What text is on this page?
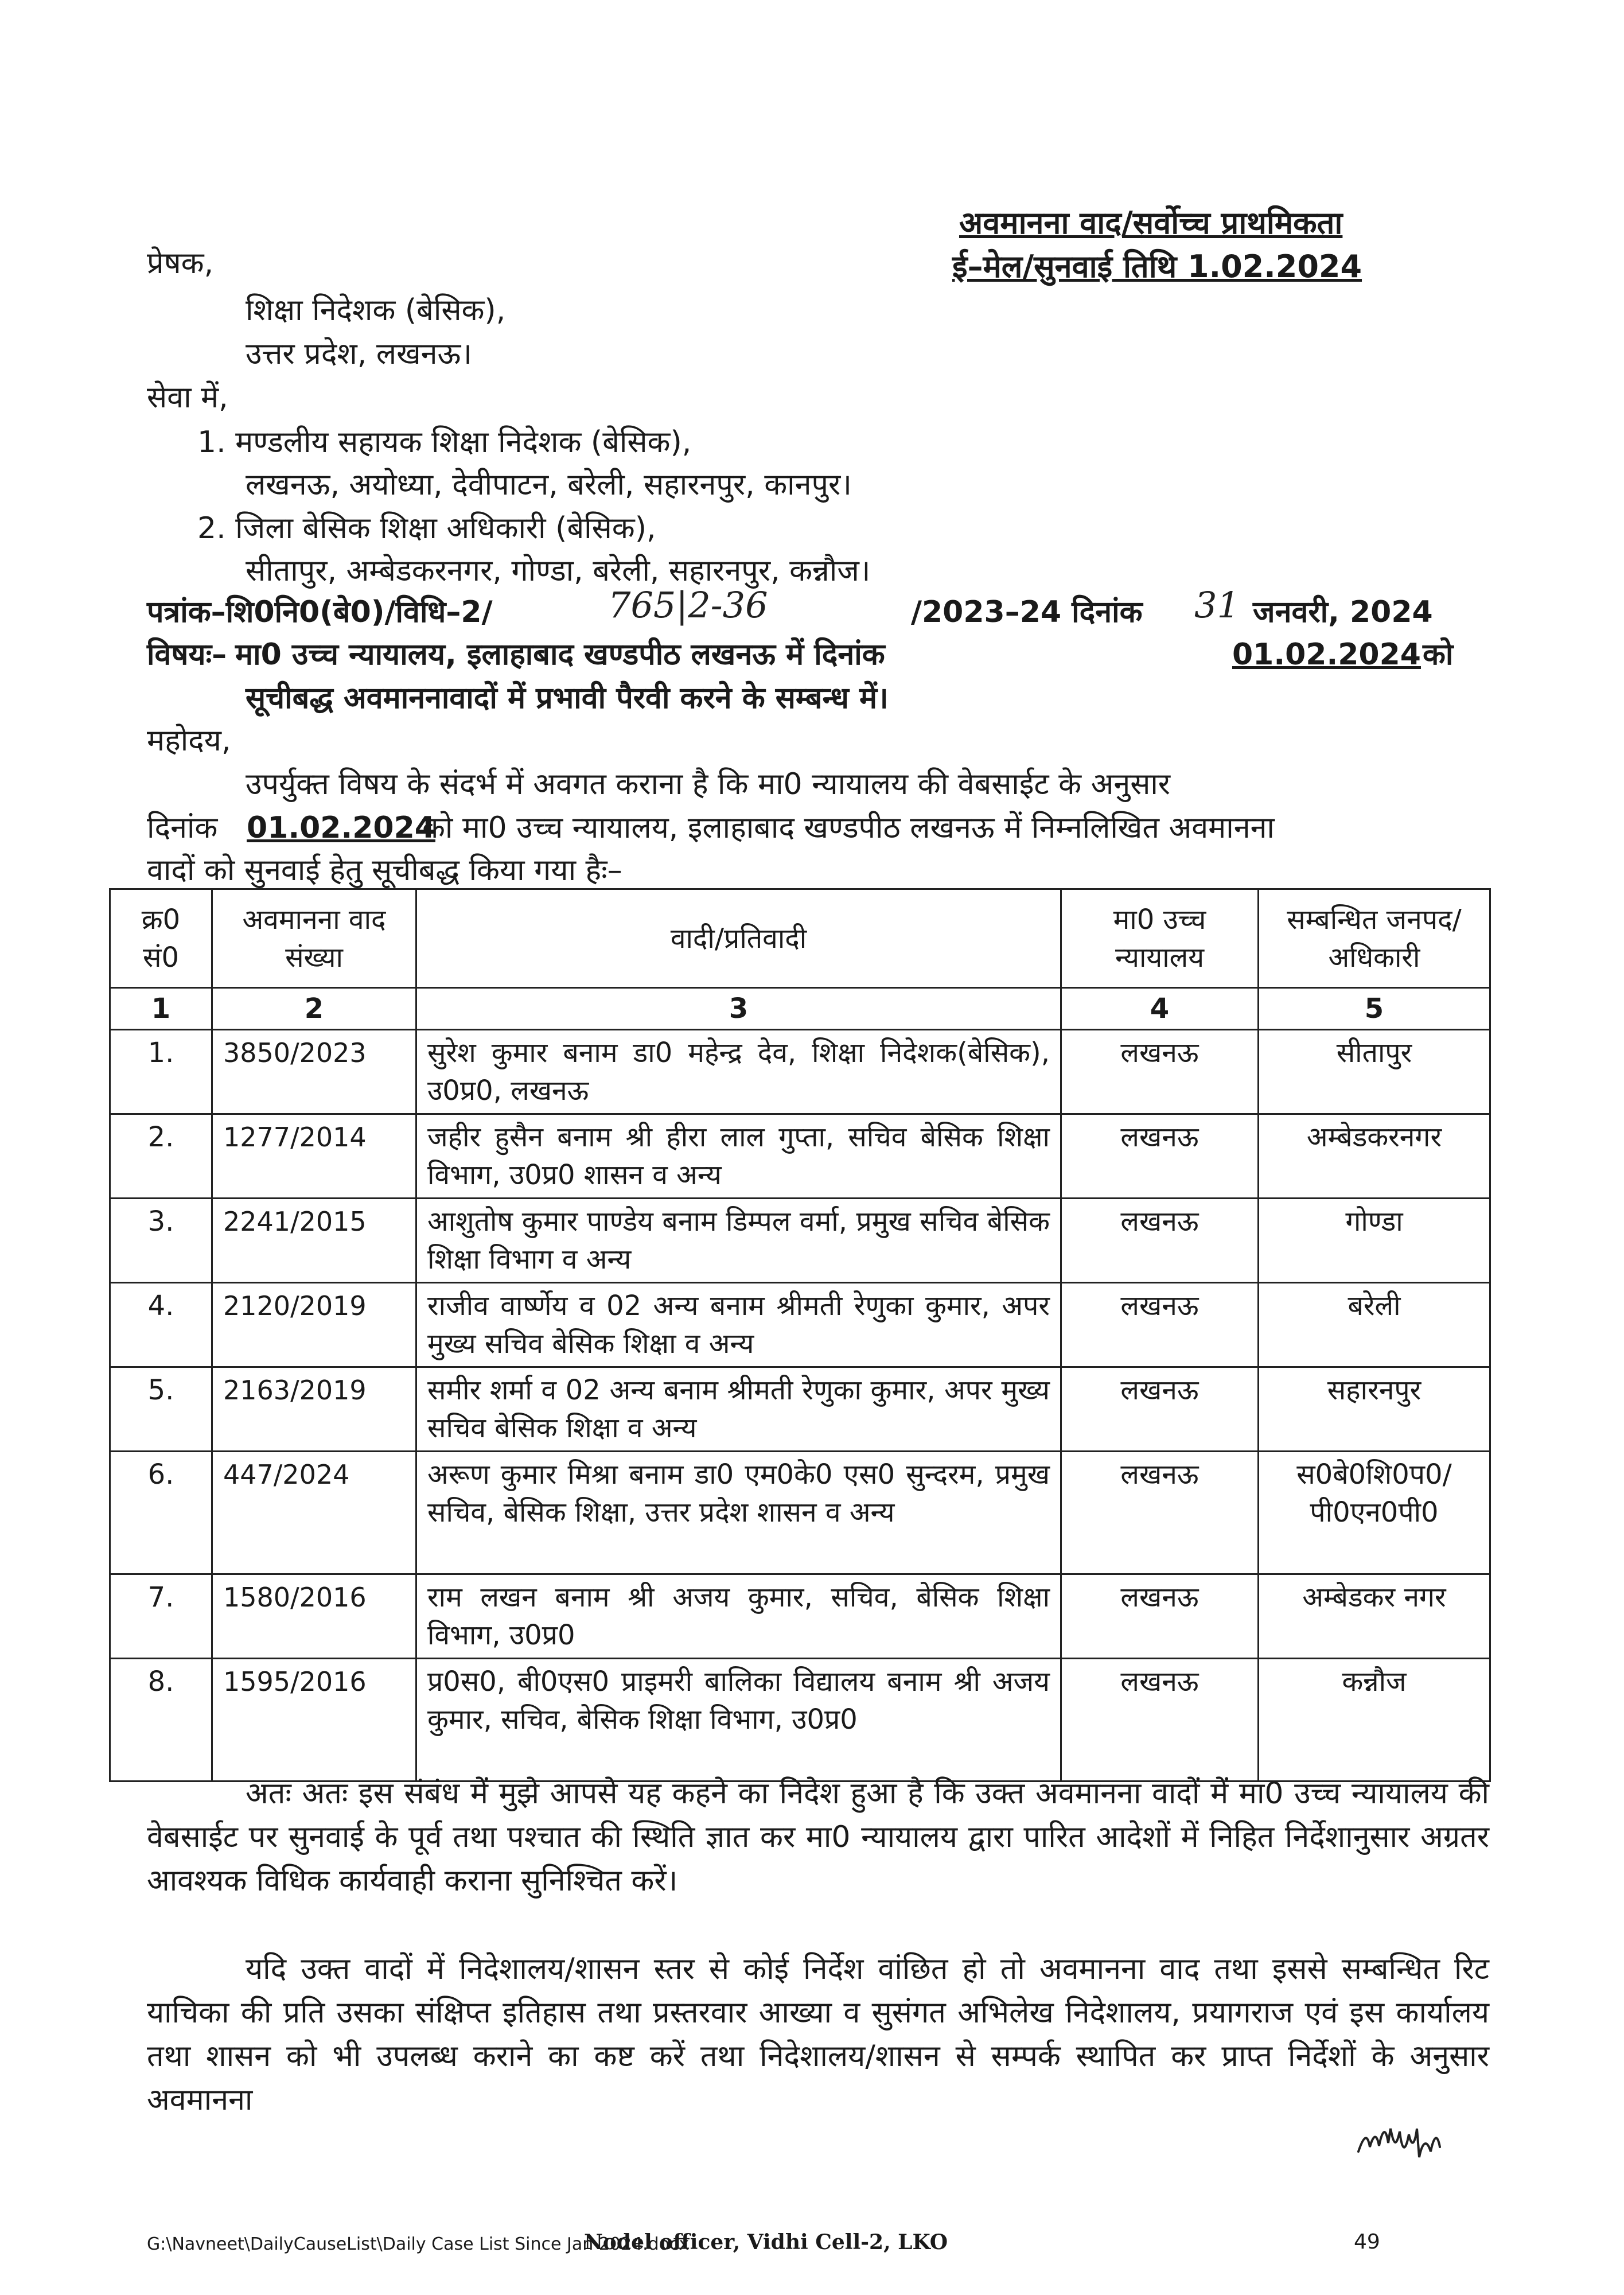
अवमानना वाद/सर्वोच्च प्राथमिकता
ई–मेल/सुनवाई तिथि 1.02.2024
प्रेषक,
शिक्षा निदेशक (बेसिक),
उत्तर प्रदेश, लखनऊ।
सेवा में,
1. मण्डलीय सहायक शिक्षा निदेशक (बेसिक),
लखनऊ, अयोध्या, देवीपाटन, बरेली, सहारनपुर, कानपुर।
2. जिला बेसिक शिक्षा अधिकारी (बेसिक),
सीतापुर, अम्बेडकरनगर, गोण्डा, बरेली, सहारनपुर, कन्नौज।
पत्रांक–शि0नि0(बे0)/विधि–2/	765|2-36	/2023–24 दिनांक 31 जनवरी, 2024
विषयः– मा0 उच्च न्यायालय, इलाहाबाद खण्डपीठ लखनऊ में दिनांक	01.02.2024 को
सूचीबद्ध अवमाननावादों में प्रभावी पैरवी करने के सम्बन्ध में।
महोदय,
उपर्युक्त विषय के संदर्भ में अवगत कराना है कि मा0 न्यायालय की वेबसाईट के अनुसार
दिनांक 01.02.2024
को मा0 उच्च न्यायालय, इलाहाबाद खण्डपीठ लखनऊ में निम्नलिखित अवमानना
वादों को सुनवाई हेतु सूचीबद्ध किया गया हैः–
क्र0 सं0	अवमानना वाद संख्या	वादी/प्रतिवादी	मा0 उच्च न्यायालय	सम्बन्धित जनपद/ अधिकारी
1	2	3	4	5
1.	3850/2023	सुरेश कुमार बनाम डा0 महेन्द्र देव, शिक्षा निदेशक(बेसिक), उ0प्र0, लखनऊ	लखनऊ	सीतापुर
2.	1277/2014	जहीर हुसैन बनाम श्री हीरा लाल गुप्ता, सचिव बेसिक शिक्षा विभाग, उ0प्र0 शासन व अन्य	लखनऊ	अम्बेडकरनगर
3.	2241/2015	आशुतोष कुमार पाण्डेय बनाम डिम्पल वर्मा, प्रमुख सचिव बेसिक शिक्षा विभाग व अन्य	लखनऊ	गोण्डा
4.	2120/2019	राजीव वार्ष्णेय व 02 अन्य बनाम श्रीमती रेणुका कुमार, अपर मुख्य सचिव बेसिक शिक्षा व अन्य	लखनऊ	बरेली
5.	2163/2019	समीर शर्मा व 02 अन्य बनाम श्रीमती रेणुका कुमार, अपर मुख्य सचिव बेसिक शिक्षा व अन्य	लखनऊ	सहारनपुर
6.	447/2024	अरूण कुमार मिश्रा बनाम डा0 एम0के0 एस0 सुन्दरम, प्रमुख सचिव, बेसिक शिक्षा, उत्तर प्रदेश शासन व अन्य	लखनऊ	स0बे0शि0प0/ पी0एन0पी0
7.	1580/2016	राम लखन बनाम श्री अजय कुमार, सचिव, बेसिक शिक्षा विभाग, उ0प्र0	लखनऊ	अम्बेडकर नगर
8.	1595/2016	प्र0स0, बी0एस0 प्राइमरी बालिका विद्यालय बनाम श्री अजय कुमार, सचिव, बेसिक शिक्षा विभाग, उ0प्र0	लखनऊ	कन्नौज
अतः अतः इस संबंध में मुझे आपसे यह कहने का निदेश हुआ है कि उक्त अवमानना वादों में मा0 उच्च न्यायालय की वेबसाईट पर सुनवाई के पूर्व तथा पश्चात की स्थिति ज्ञात कर मा0 न्यायालय द्वारा पारित आदेशों में निहित निर्देशानुसार अग्रतर आवश्यक विधिक कार्यवाही कराना सुनिश्चित करें।
यदि उक्त वादों में निदेशालय/शासन स्तर से कोई निर्देश वांछित हो तो अवमानना वाद तथा इससे सम्बन्धित रिट याचिका की प्रति उसका संक्षिप्त इतिहास तथा प्रस्तरवार आख्या व सुसंगत अभिलेख निदेशालय, प्रयागराज एवं इस कार्यालय तथा शासन को भी उपलब्ध कराने का कष्ट करें तथा निदेशालय/शासन से सम्पर्क स्थापित कर प्राप्त निर्देशों के अनुसार अवमानना
G:\Navneet\DailyCauseList\Daily Case List Since Jan 2024.docx
Nodel officer, Vidhi Cell-2, LKO	49
